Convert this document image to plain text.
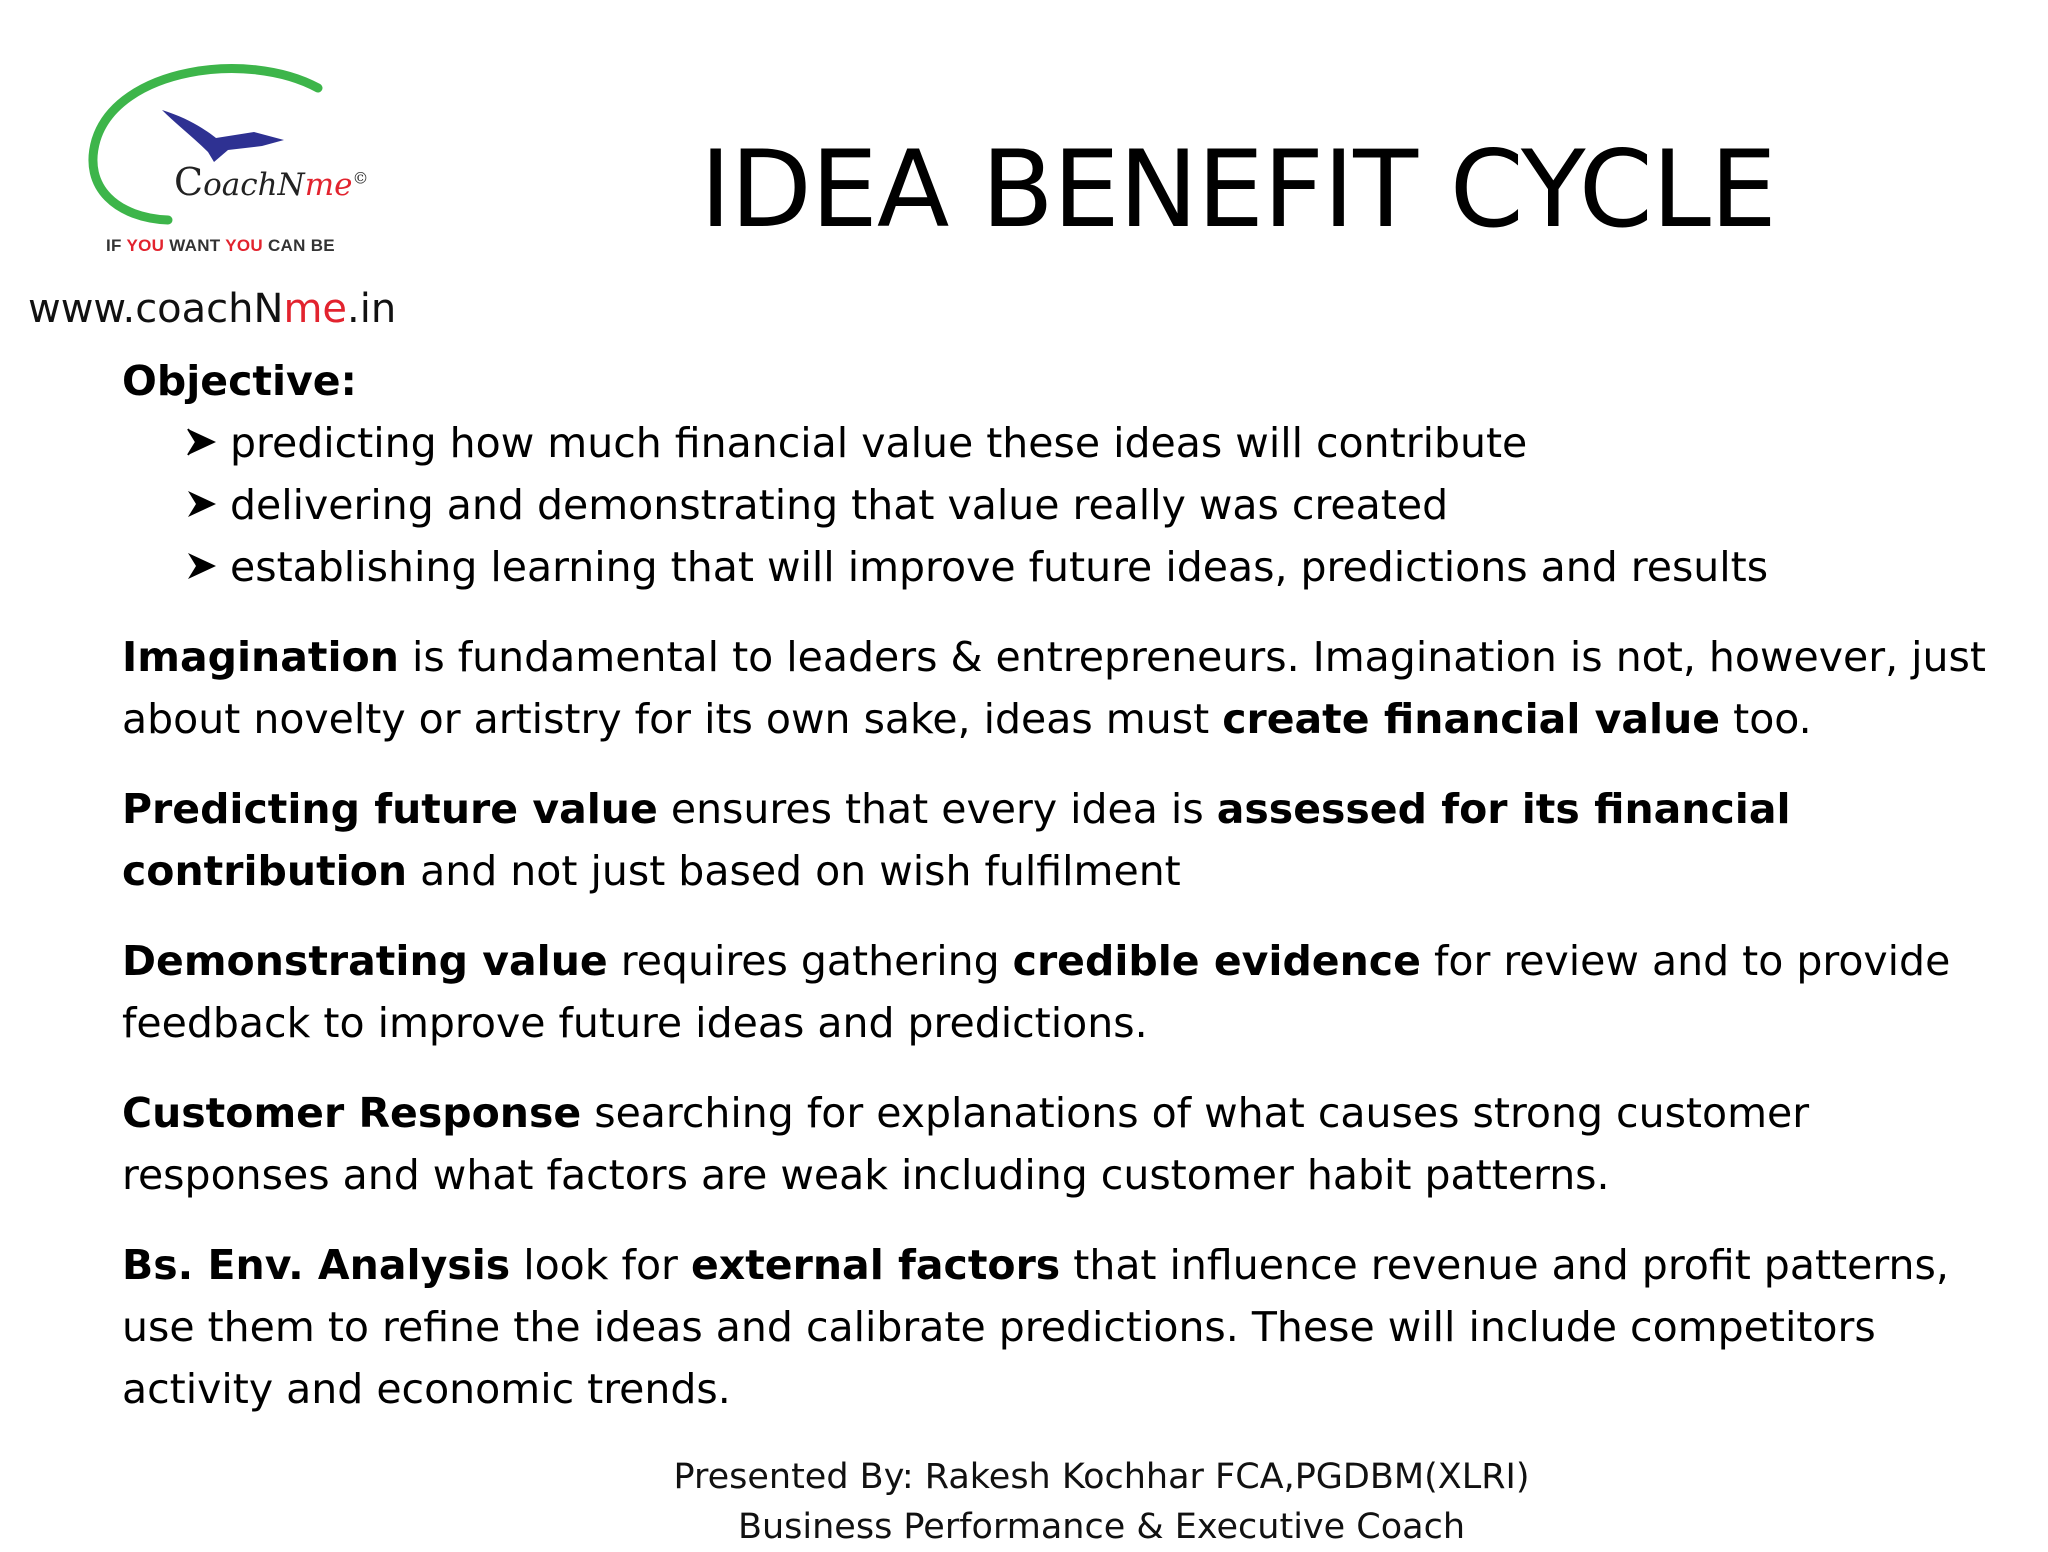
CoachNme©
IF YOU WANT YOU CAN BE
www.coachNme.in
IDEA BENEFIT CYCLE
Objective:
predicting how much financial value these ideas will contribute
delivering and demonstrating that value really was created
establishing learning that will improve future ideas, predictions and results

Imagination is fundamental to leaders & entrepreneurs. Imagination is not, however, just about novelty or artistry for its own sake, ideas must create financial value too.

Predicting future value ensures that every idea is assessed for its financial contribution and not just based on wish fulfilment

Demonstrating value requires gathering credible evidence for review and to provide feedback to improve future ideas and predictions.

Customer Response searching for explanations of what causes strong customer responses and what factors are weak including customer habit patterns.

Bs. Env. Analysis look for external factors that influence revenue and profit patterns, use them to refine the ideas and calibrate predictions. These will include competitors activity and economic trends.

Presented By: Rakesh Kochhar FCA,PGDBM(XLRI)
Business Performance & Executive Coach
